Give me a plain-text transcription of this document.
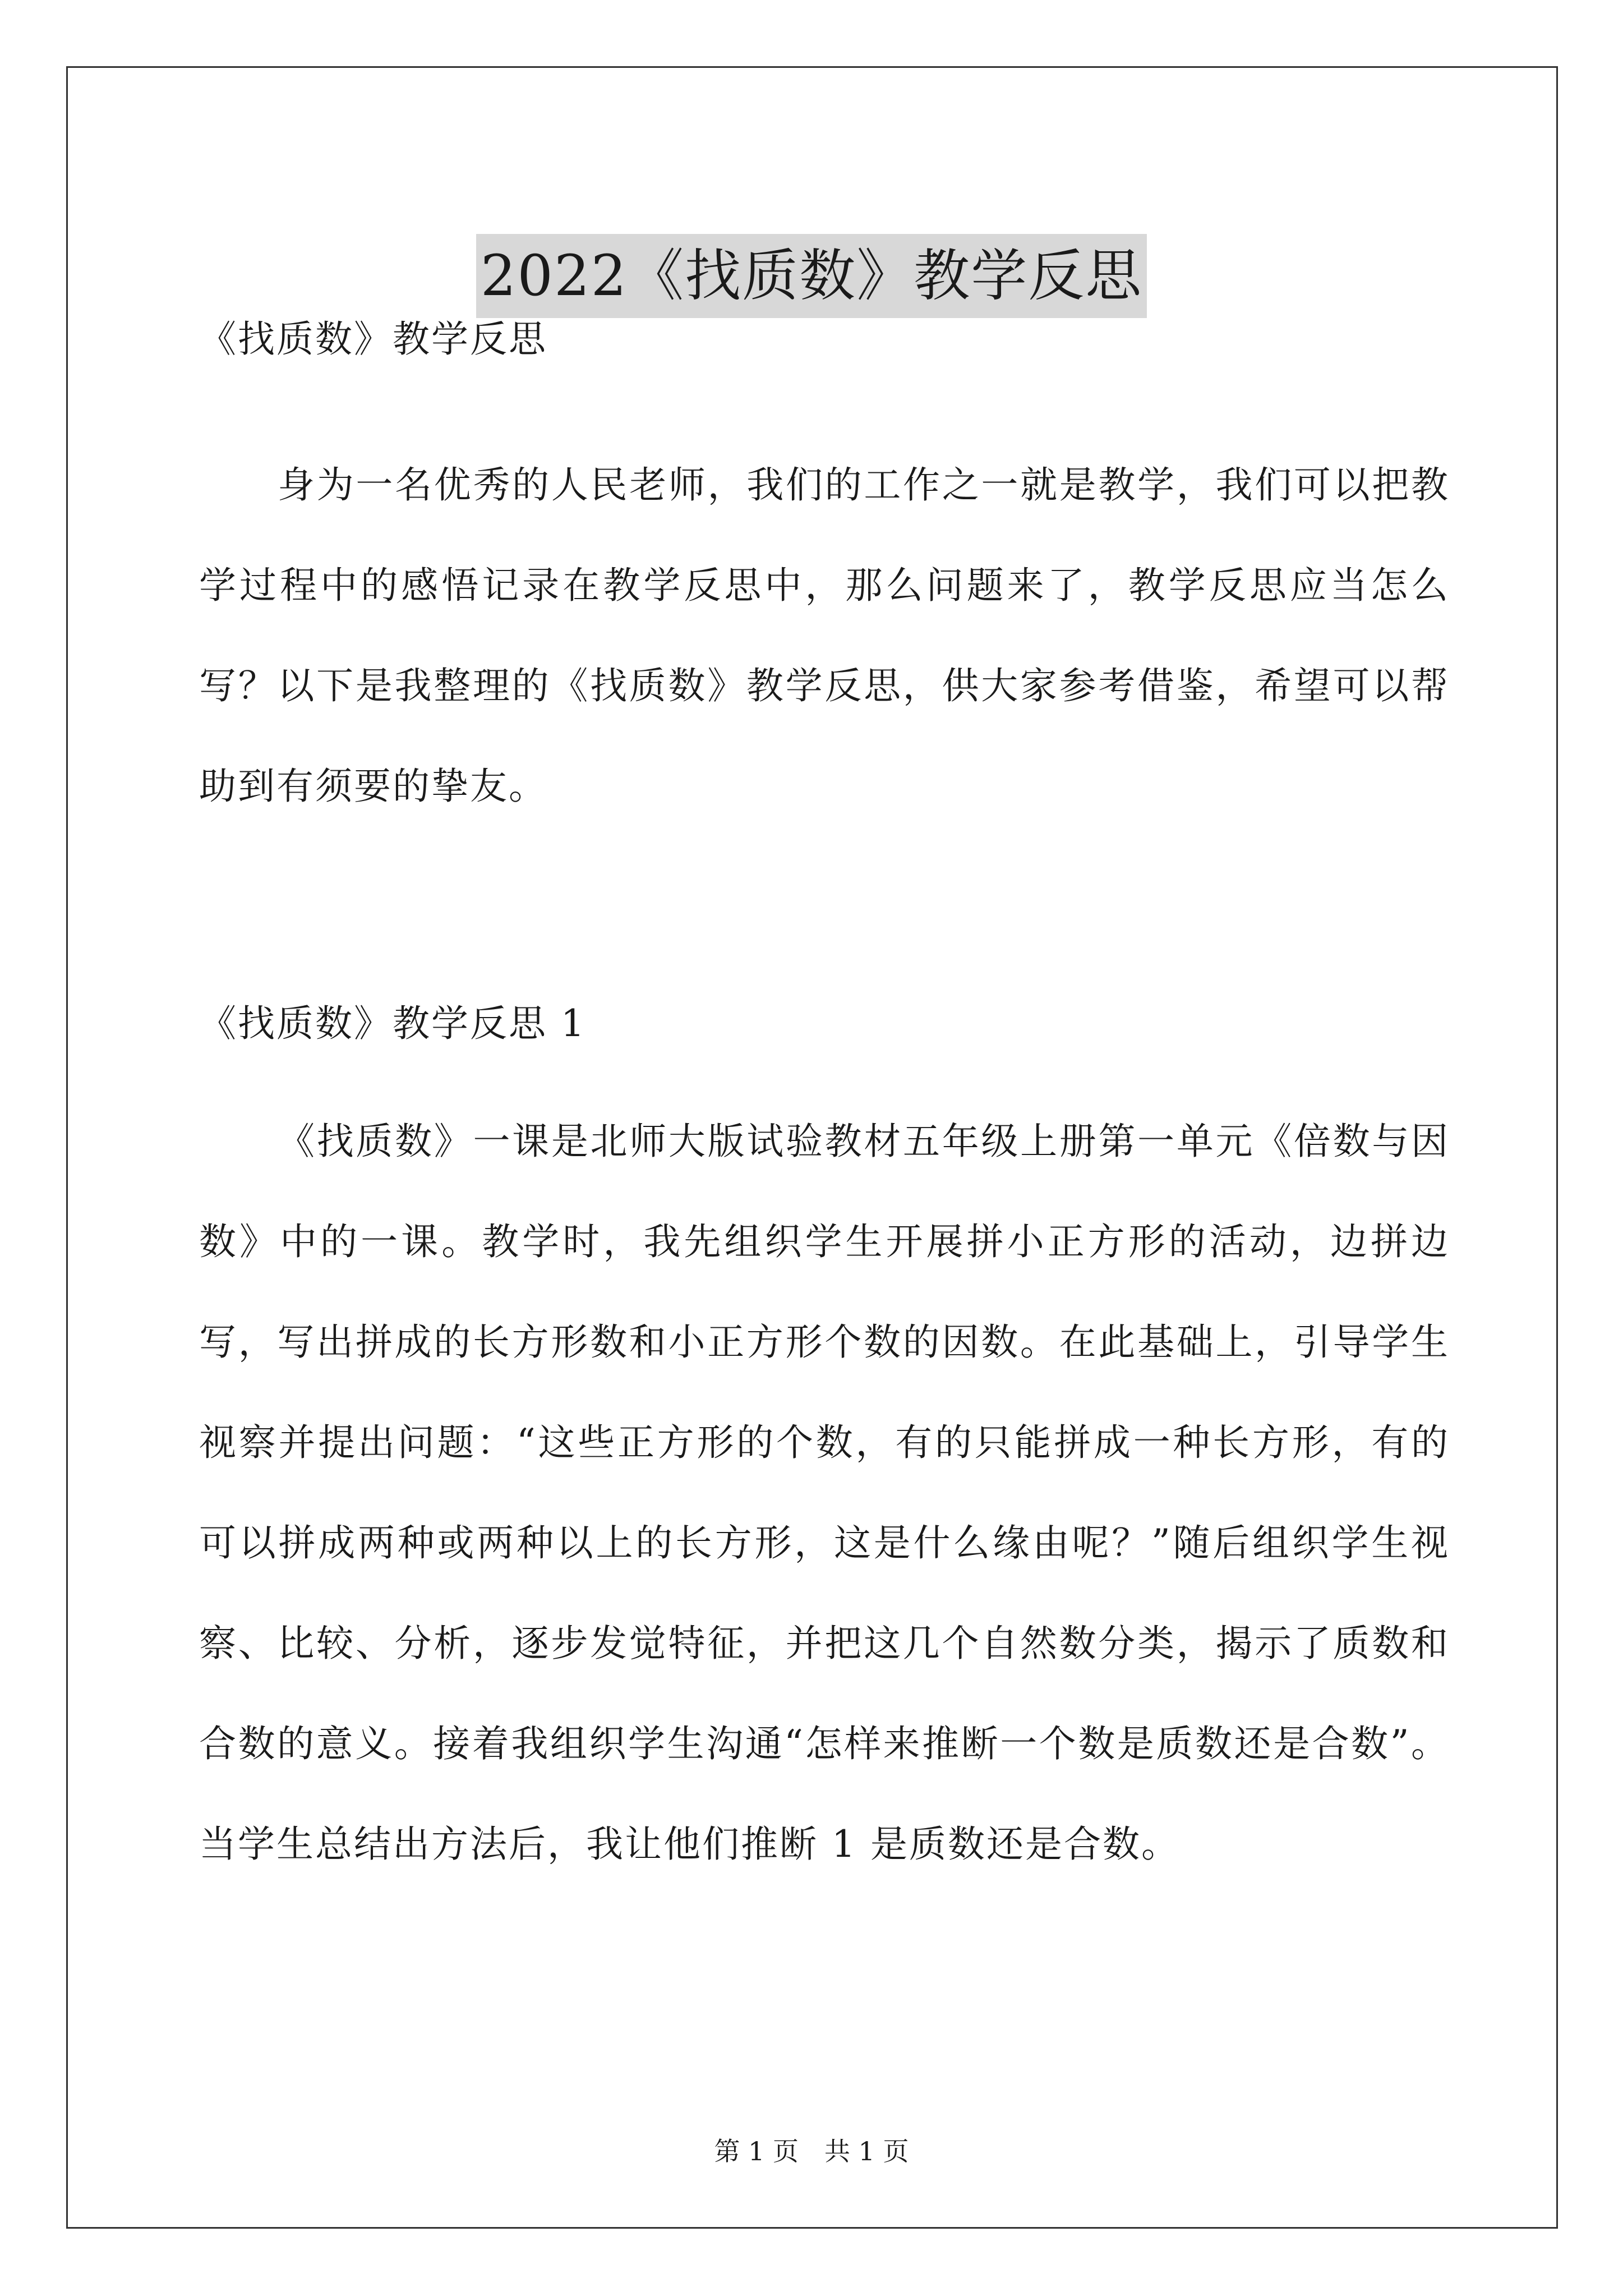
2022《找质数》教学反思
《找质数》教学反思

身为一名优秀的人民老师，我们的工作之一就是教学，我们可以把教学过程中的感悟记录在教学反思中，那么问题来了，教学反思应当怎么写？以下是我整理的《找质数》教学反思，供大家参考借鉴，希望可以帮助到有须要的挚友。

《找质数》教学反思 1

《找质数》一课是北师大版试验教材五年级上册第一单元《倍数与因数》中的一课。教学时，我先组织学生开展拼小正方形的活动，边拼边写，写出拼成的长方形数和小正方形个数的因数。在此基础上，引导学生视察并提出问题：“这些正方形的个数，有的只能拼成一种长方形，有的可以拼成两种或两种以上的长方形，这是什么缘由呢？”随后组织学生视察、比较、分析，逐步发觉特征，并把这几个自然数分类，揭示了质数和合数的意义。接着我组织学生沟通“怎样来推断一个数是质数还是合数”。当学生总结出方法后，我让他们推断 1 是质数还是合数。

第 1 页　共 1 页
